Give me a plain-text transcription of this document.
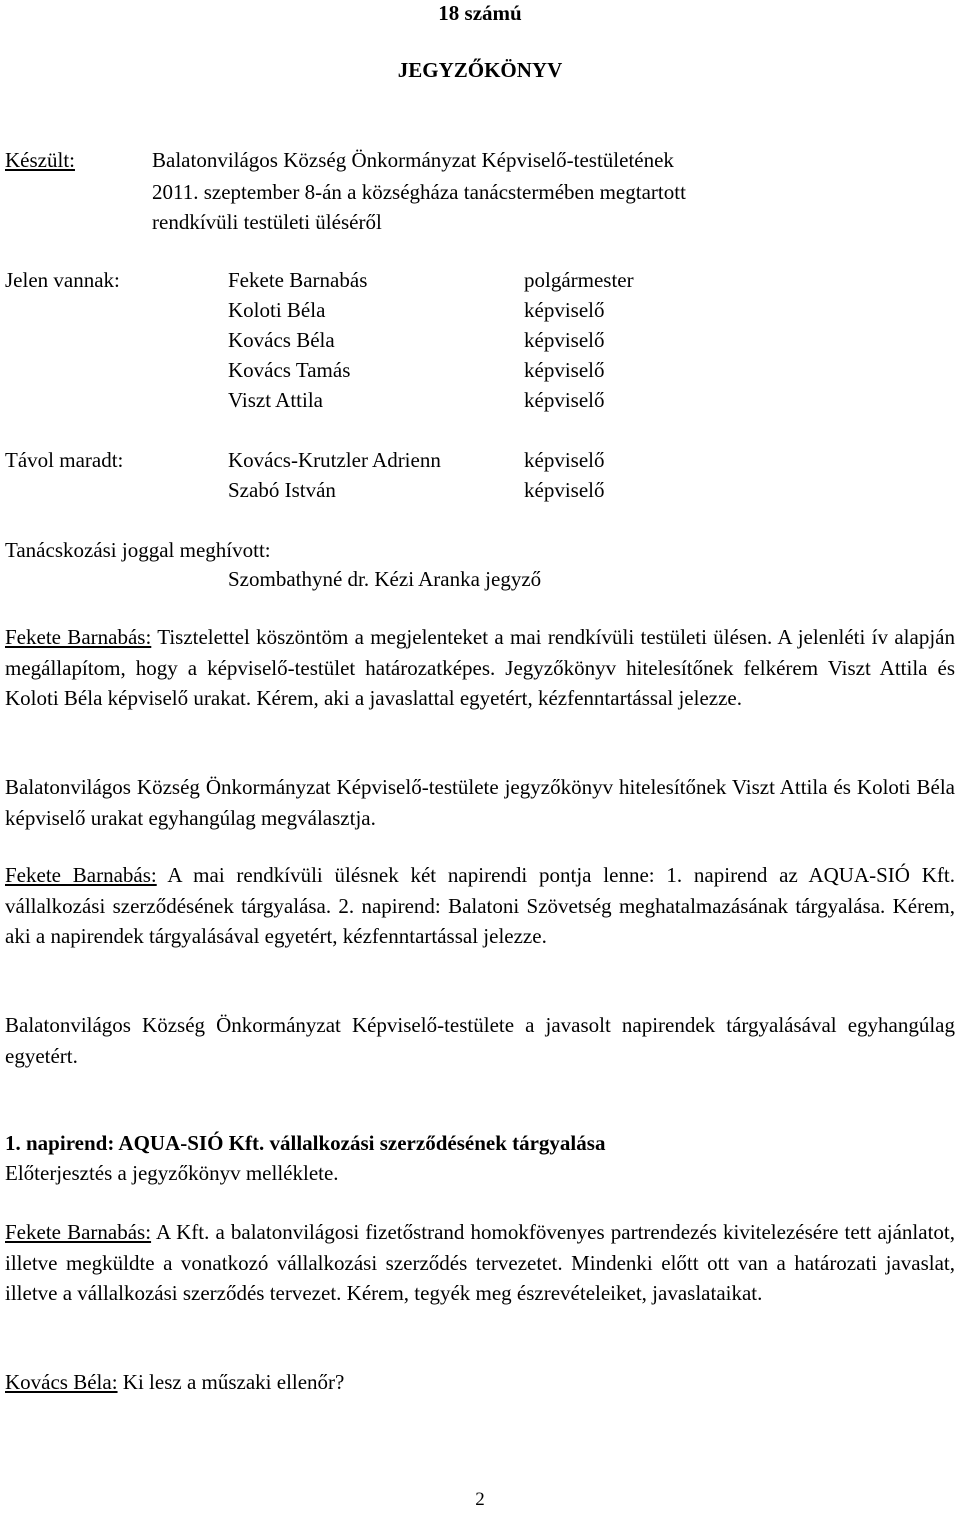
18 számú
JEGYZŐKÖNYV
Készült:	Balatonvilágos Község Önkormányzat Képviselő-testületének
2011. szeptember 8-án a községháza tanácstermében megtartott
rendkívüli testületi üléséről
Jelen vannak:	Fekete Barnabás	polgármester
Koloti Béla	képviselő
Kovács Béla	képviselő
Kovács Tamás	képviselő
Viszt Attila	képviselő
Távol maradt:	Kovács-Krutzler Adrienn	képviselő
Szabó István	képviselő
Tanácskozási joggal meghívott:
Szombathyné dr. Kézi Aranka jegyző

Fekete Barnabás: Tisztelettel köszöntöm a megjelenteket a mai rendkívüli testületi ülésen. A jelenléti ív alapján megállapítom, hogy a képviselő-testület határozatképes. Jegyzőkönyv hitelesítőnek felkérem Viszt Attila és Koloti Béla képviselő urakat. Kérem, aki a javaslattal egyetért, kézfenntartással jelezze.

Balatonvilágos Község Önkormányzat Képviselő-testülete jegyzőkönyv hitelesítőnek Viszt Attila és Koloti Béla képviselő urakat egyhangúlag megválasztja.

Fekete Barnabás: A mai rendkívüli ülésnek két napirendi pontja lenne: 1. napirend az AQUA-SIÓ Kft. vállalkozási szerződésének tárgyalása. 2. napirend: Balatoni Szövetség meghatalmazásának tárgyalása. Kérem, aki a napirendek tárgyalásával egyetért, kézfenntartással jelezze.

Balatonvilágos Község Önkormányzat Képviselő-testülete a javasolt napirendek tárgyalásával egyhangúlag egyetért.

1. napirend: AQUA-SIÓ Kft. vállalkozási szerződésének tárgyalása
Előterjesztés a jegyzőkönyv melléklete.

Fekete Barnabás: A Kft. a balatonvilágosi fizetőstrand homokfövenyes partrendezés kivitelezésére tett ajánlatot, illetve megküldte a vonatkozó vállalkozási szerződés tervezetet. Mindenki előtt ott van a határozati javaslat, illetve a vállalkozási szerződés tervezet. Kérem, tegyék meg észrevételeiket, javaslataikat.

Kovács Béla: Ki lesz a műszaki ellenőr?

2
